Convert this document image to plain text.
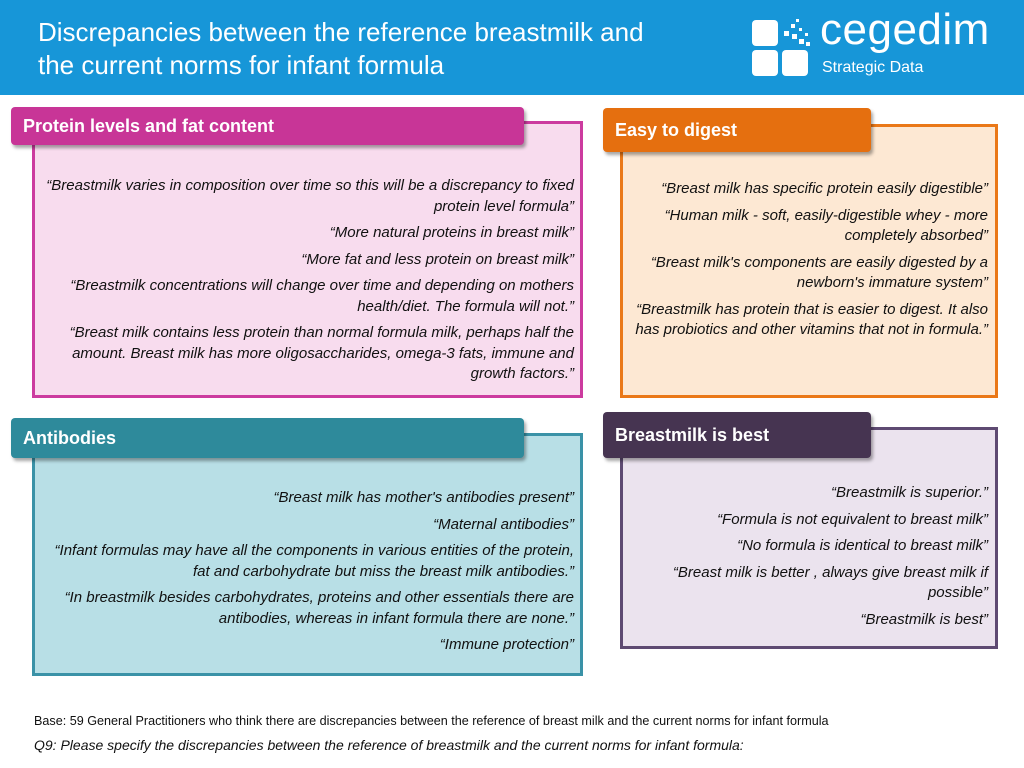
Discrepancies between the reference breastmilk and
the current norms for infant formula
cegedim
Strategic Data
Protein levels and fat content

“Breastmilk varies in composition over time so this will be a discrepancy to fixed protein level formula”

“More natural proteins in breast milk”

“More fat and less protein on breast milk”

“Breastmilk concentrations will change over time and depending on mothers health/diet. The formula will not.”

“Breast milk contains less protein than normal formula milk, perhaps half the amount. Breast milk has more oligosaccharides, omega-3 fats, immune and growth factors.”

Easy to digest

“Breast milk has specific protein easily digestible”

“Human milk - soft, easily-digestible whey - more completely absorbed”

“Breast milk's components are easily digested by a newborn's immature system”

“Breastmilk has protein that is easier to digest. It also has probiotics and other vitamins that not in formula.”

Antibodies

“Breast milk has mother's antibodies present”

“Maternal antibodies”

“Infant formulas may have all the components in various entities of the protein, fat and carbohydrate but miss the breast milk antibodies.”

“In breastmilk besides carbohydrates, proteins and other essentials there are antibodies, whereas in infant formula there are none.”

“Immune protection”

Breastmilk is best

“Breastmilk is superior.”

“Formula is not equivalent to breast milk”

“No formula is identical to breast milk”

“Breast milk is better , always give breast milk if possible”

“Breastmilk is best”

Base: 59 General Practitioners who think there are discrepancies between the reference of breast milk and the current norms for infant formula
Q9: Please specify the discrepancies between the reference of breastmilk and the current norms for infant formula:
